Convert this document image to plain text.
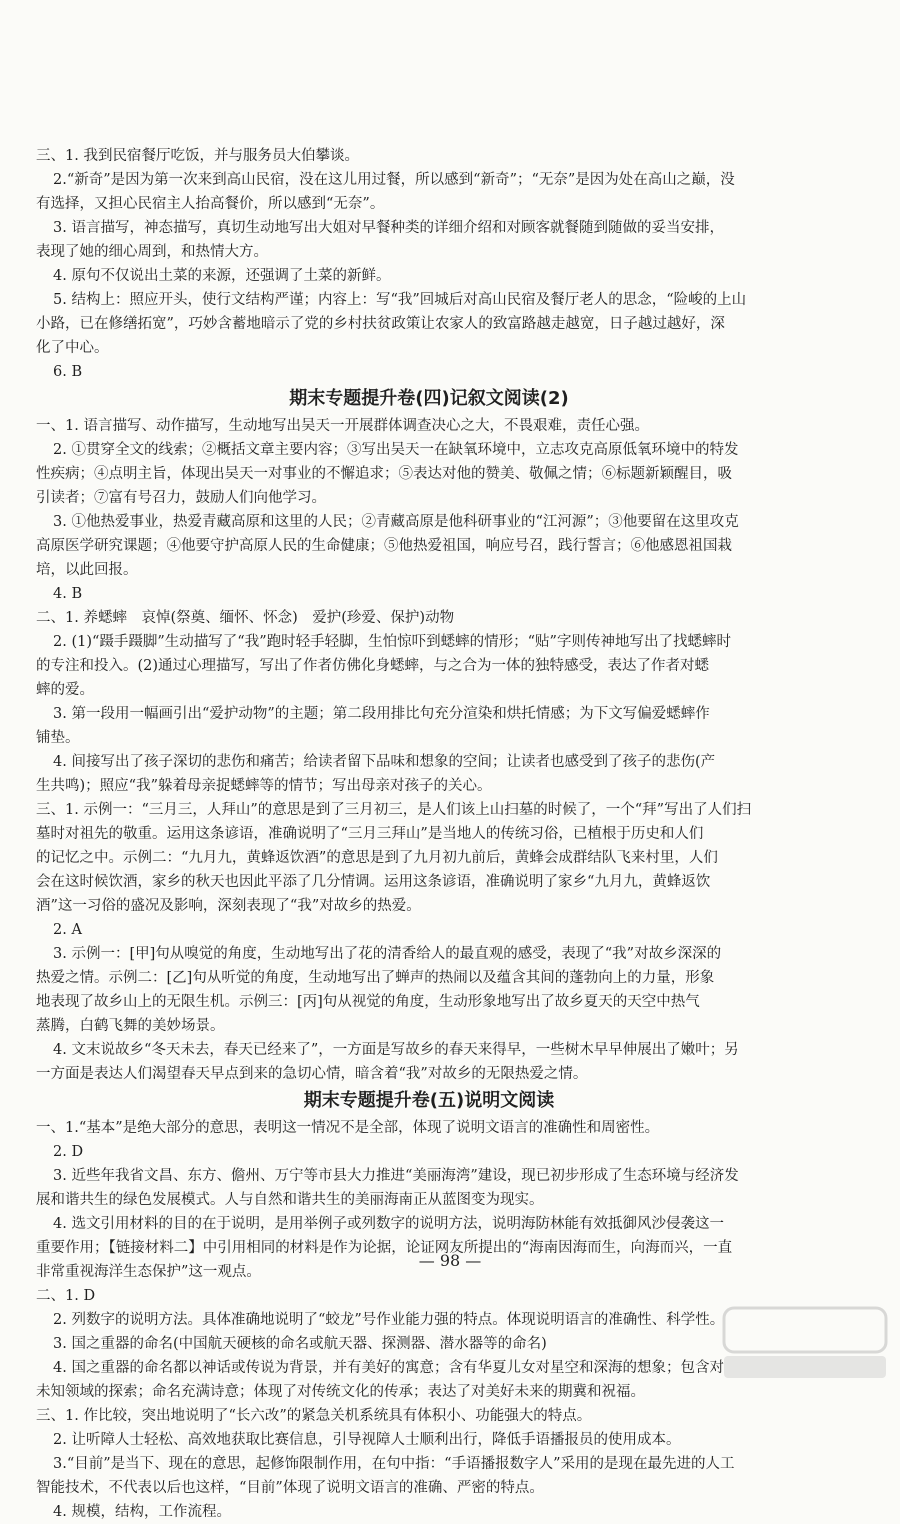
三、1. 我到民宿餐厅吃饭，并与服务员大伯攀谈。
2.“新奇”是因为第一次来到高山民宿，没在这儿用过餐，所以感到“新奇”；“无奈”是因为处在高山之巅，没
有选择，又担心民宿主人抬高餐价，所以感到“无奈”。
3. 语言描写，神态描写，真切生动地写出大姐对早餐种类的详细介绍和对顾客就餐随到随做的妥当安排，
表现了她的细心周到，和热情大方。
4. 原句不仅说出土菜的来源，还强调了土菜的新鲜。
5. 结构上：照应开头，使行文结构严谨；内容上：写“我”回城后对高山民宿及餐厅老人的思念，“险峻的上山
小路，已在修缮拓宽”，巧妙含蓄地暗示了党的乡村扶贫政策让农家人的致富路越走越宽，日子越过越好，深
化了中心。
6. B
期末专题提升卷(四)记叙文阅读(2)
一、1. 语言描写、动作描写，生动地写出吴天一开展群体调查决心之大，不畏艰难，责任心强。
2. ①贯穿全文的线索；②概括文章主要内容；③写出吴天一在缺氧环境中，立志攻克高原低氧环境中的特发
性疾病；④点明主旨，体现出吴天一对事业的不懈追求；⑤表达对他的赞美、敬佩之情；⑥标题新颖醒目，吸
引读者；⑦富有号召力，鼓励人们向他学习。
3. ①他热爱事业，热爱青藏高原和这里的人民；②青藏高原是他科研事业的“江河源”；③他要留在这里攻克
高原医学研究课题；④他要守护高原人民的生命健康；⑤他热爱祖国，响应号召，践行誓言；⑥他感恩祖国栽
培，以此回报。
4. B
二、1. 养蟋蟀　哀悼(祭奠、缅怀、怀念)　爱护(珍爱、保护)动物
2. (1)“蹑手蹑脚”生动描写了“我”跑时轻手轻脚，生怕惊吓到蟋蟀的情形；“贴”字则传神地写出了找蟋蟀时
的专注和投入。(2)通过心理描写，写出了作者仿佛化身蟋蟀，与之合为一体的独特感受，表达了作者对蟋
蟀的爱。
3. 第一段用一幅画引出“爱护动物”的主题；第二段用排比句充分渲染和烘托情感；为下文写偏爱蟋蟀作
铺垫。
4. 间接写出了孩子深切的悲伤和痛苦；给读者留下品味和想象的空间；让读者也感受到了孩子的悲伤(产
生共鸣)；照应“我”躲着母亲捉蟋蟀等的情节；写出母亲对孩子的关心。
三、1. 示例一：“三月三，人拜山”的意思是到了三月初三，是人们该上山扫墓的时候了，一个“拜”写出了人们扫
墓时对祖先的敬重。运用这条谚语，准确说明了“三月三拜山”是当地人的传统习俗，已植根于历史和人们
的记忆之中。示例二：“九月九，黄蜂返饮酒”的意思是到了九月初九前后，黄蜂会成群结队飞来村里，人们
会在这时候饮酒，家乡的秋天也因此平添了几分情调。运用这条谚语，准确说明了家乡“九月九，黄蜂返饮
酒”这一习俗的盛况及影响，深刻表现了“我”对故乡的热爱。
2. A
3. 示例一：[甲]句从嗅觉的角度，生动地写出了花的清香给人的最直观的感受，表现了“我”对故乡深深的
热爱之情。示例二：[乙]句从听觉的角度，生动地写出了蝉声的热闹以及蕴含其间的蓬勃向上的力量，形象
地表现了故乡山上的无限生机。示例三：[丙]句从视觉的角度，生动形象地写出了故乡夏天的天空中热气
蒸腾，白鹤飞舞的美妙场景。
4. 文末说故乡“冬天未去，春天已经来了”，一方面是写故乡的春天来得早，一些树木早早伸展出了嫩叶；另
一方面是表达人们渴望春天早点到来的急切心情，暗含着“我”对故乡的无限热爱之情。
期末专题提升卷(五)说明文阅读
一、1.“基本”是绝大部分的意思，表明这一情况不是全部，体现了说明文语言的准确性和周密性。
2. D
3. 近些年我省文昌、东方、儋州、万宁等市县大力推进“美丽海湾”建设，现已初步形成了生态环境与经济发
展和谐共生的绿色发展模式。人与自然和谐共生的美丽海南正从蓝图变为现实。
4. 选文引用材料的目的在于说明，是用举例子或列数字的说明方法，说明海防林能有效抵御风沙侵袭这一
重要作用；【链接材料二】中引用相同的材料是作为论据，论证网友所提出的“海南因海而生，向海而兴，一直
非常重视海洋生态保护”这一观点。
二、1. D
2. 列数字的说明方法。具体准确地说明了“蛟龙”号作业能力强的特点。体现说明语言的准确性、科学性。
3. 国之重器的命名(中国航天硬核的命名或航天器、探测器、潜水器等的命名)
4. 国之重器的命名都以神话或传说为背景，并有美好的寓意；含有华夏儿女对星空和深海的想象；包含对
未知领域的探索；命名充满诗意；体现了对传统文化的传承；表达了对美好未来的期冀和祝福。
三、1. 作比较，突出地说明了“长六改”的紧急关机系统具有体积小、功能强大的特点。
2. 让听障人士轻松、高效地获取比赛信息，引导视障人士顺利出行，降低手语播报员的使用成本。
3.“目前”是当下、现在的意思，起修饰限制作用，在句中指：“手语播报数字人”采用的是现在最先进的人工
智能技术，不代表以后也这样，“目前”体现了说明文语言的准确、严密的特点。
4. 规模，结构，工作流程。
— 98 —
